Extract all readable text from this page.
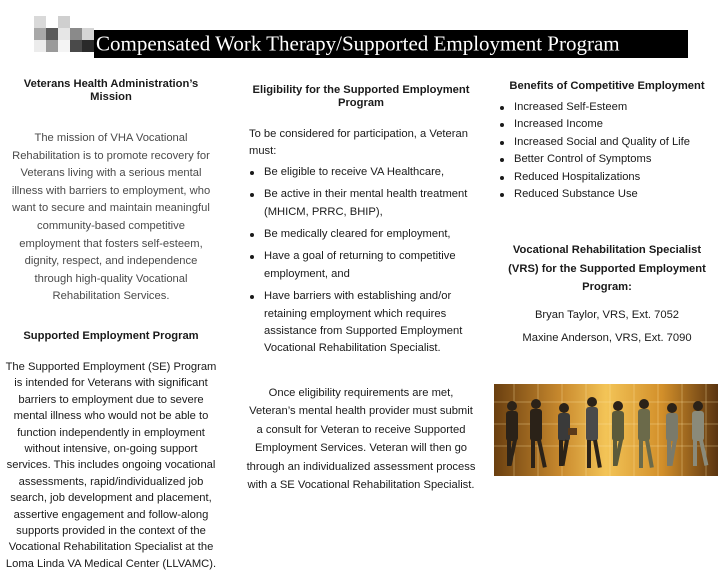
Compensated Work Therapy/Supported Employment Program
Veterans Health Administration’s Mission

The mission of VHA Vocational Rehabilitation is to promote recovery for Veterans living with a serious mental illness with barriers to employment, who want to secure and maintain meaningful community-based competitive employment that fosters self-esteem, dignity, respect, and independence through high-quality Vocational Rehabilitation Services.

Supported Employment Program

The Supported Employment (SE) Program is intended for Veterans with significant barriers to employment due to severe mental illness who would not be able to function independently in employment without intensive, on-going support services. This includes ongoing vocational assessments, rapid/individualized job search, job development and placement, assertive engagement and follow-along supports provided in the context of the Vocational Rehabilitation Specialist at the Loma Linda VA Medical Center (LLVAMC).

Eligibility for the Supported Employment Program

To be considered for participation, a Veteran must:

Be eligible to receive VA Healthcare,
Be active in their mental health treatment (MHICM, PRRC, BHIP),
Be medically cleared for employment,
Have a goal of returning to competitive employment, and
Have barriers with establishing and/or retaining employment which requires assistance from Supported Employment Vocational Rehabilitation Specialist.

Once eligibility requirements are met, Veteran’s mental health provider must submit a consult for Veteran to receive Supported Employment Services. Veteran will then go through an individualized assessment process with a SE Vocational Rehabilitation Specialist.

Benefits of Competitive Employment
Increased Self-Esteem
Increased Income
Increased Social and Quality of Life
Better Control of Symptoms
Reduced Hospitalizations
Reduced Substance Use
Vocational Rehabilitation Specialist (VRS) for the Supported Employment Program:

Bryan Taylor, VRS, Ext. 7052

Maxine Anderson, VRS, Ext. 7090
